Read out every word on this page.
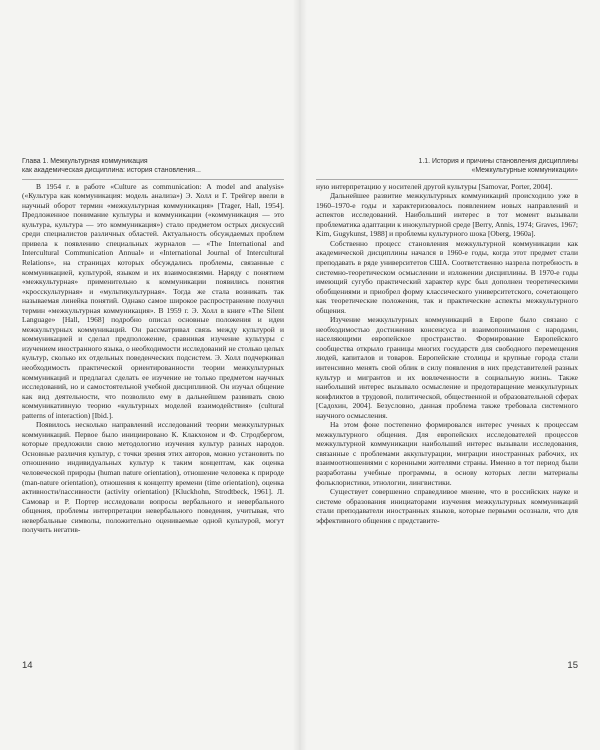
Глава 1. Межкультурная коммуникация
как академическая дисциплина: история становления...

В 1954 г. в работе «Culture as communication: A model and analysis» («Культура как коммуникация: модель анализа») Э. Холл и Г. Трейгер ввели в научный оборот термин «межкультурная коммуникация» [Trager, Hall, 1954]. Предложенное понимание культуры и коммуникации («коммуникация — это культура, культура — это коммуникация») стало предметом острых дискуссий среди специалистов различных областей. Актуальность обсуждаемых проблем привела к появлению специальных журналов — «The International and Intercultural Communication Annual» и «International Journal of Intercultural Relations», на страницах которых обсуждались проблемы, связанные с коммуникацией, культурой, языком и их взаимосвязями. Наряду с понятием «межкультурная» применительно к коммуникации появились понятия «кросскультурная» и «мультикультурная». Тогда же стала возникать так называемая линейка понятий. Однако самое широкое распространение получил термин «межкультурная коммуникация». В 1959 г. Э. Холл в книге «The Silent Language» [Hall, 1968] подробно описал основные положения и идеи межкультурных коммуникаций. Он рассматривал связь между культурой и коммуникацией и сделал предположение, сравнивая изучение культуры с изучением иностранного языка, о необходимости исследований не столько целых культур, сколько их отдельных поведенческих подсистем. Э. Холл подчеркивал необходимость практической ориентированности теории межкультурных коммуникаций и предлагал сделать ее изучение не только предметом научных исследований, но и самостоятельной учебной дисциплиной. Он изучал общение как вид деятельности, что позволило ему в дальнейшем развивать свою коммуникативную теорию «культурных моделей взаимодействия» (cultural patterns of interaction) [Ibid.].

Появилось несколько направлений исследований теории межкультурных коммуникаций. Первое было инициировано К. Клакхоном и Ф. Стродбергом, которые предложили свою методологию изучения культур разных народов. Основные различия культур, с точки зрения этих авторов, можно установить по отношению индивидуальных культур к таким концептам, как оценка человеческой природы (human nature orientation), отношение человека к природе (man-nature orientation), отношения к концепту времени (time orientation), оценка активности/пассивности (activity orientation) [Kluckhohn, Strodtbeck, 1961]. Л. Самовар и Р. Портер исследовали вопросы вербального и невербального общения, проблемы интерпретации невербального поведения, учитывая, что невербальные символы, положительно оцениваемые одной культурой, могут получить негатив-

1.1. История и причины становления дисциплины
«Межкультурные коммуникации»

ную интерпретацию у носителей другой культуры [Samovar, Porter, 2004].

Дальнейшее развитие межкультурных коммуникаций происходило уже в 1960–1970-е годы и характеризовалось появлением новых направлений и аспектов исследований. Наибольший интерес в тот момент вызывали проблематика адаптации к инокультурной среде [Berry, Annis, 1974; Graves, 1967; Kim, Gugykunst, 1988] и проблемы культурного шока [Oberg, 1960a].

Собственно процесс становления межкультурной коммуникации как академической дисциплины начался в 1960-е годы, когда этот предмет стали преподавать в ряде университетов США. Соответственно назрела потребность в системно-теоретическом осмыслении и изложении дисциплины. В 1970-е годы имеющий сугубо практический характер курс был дополнен теоретическими обобщениями и приобрел форму классического университетского, сочетающего как теоретические положения, так и практические аспекты межкультурного общения.

Изучение межкультурных коммуникаций в Европе было связано с необходимостью достижения консенсуса и взаимопонимания с народами, населяющими европейское пространство. Формирование Европейского сообщества открыло границы многих государств для свободного перемещения людей, капиталов и товаров. Европейские столицы и крупные города стали интенсивно менять свой облик в силу появления в них представителей разных культур и мигрантов и их вовлеченности в социальную жизнь. Также наибольший интерес вызывало осмысление и предотвращение межкультурных конфликтов в трудовой, политической, общественной и образовательной сферах [Садохин, 2004]. Безусловно, данная проблема также требовала системного научного осмысления.

На этом фоне постепенно формировался интерес ученых к процессам межкультурного общения. Для европейских исследователей процессов межкультурной коммуникации наибольший интерес вызывали исследования, связанные с проблемами аккультурации, миграции иностранных рабочих, их взаимоотношениями с коренными жителями страны. Именно в тот период были разработаны учебные программы, в основу которых легли материалы фольклористики, этнологии, лингвистики.

Существует совершенно справедливое мнение, что в российских науке и системе образования инициаторами изучения межкультурных коммуникаций стали преподаватели иностранных языков, которые первыми осознали, что для эффективного общения с представите-

14	15
